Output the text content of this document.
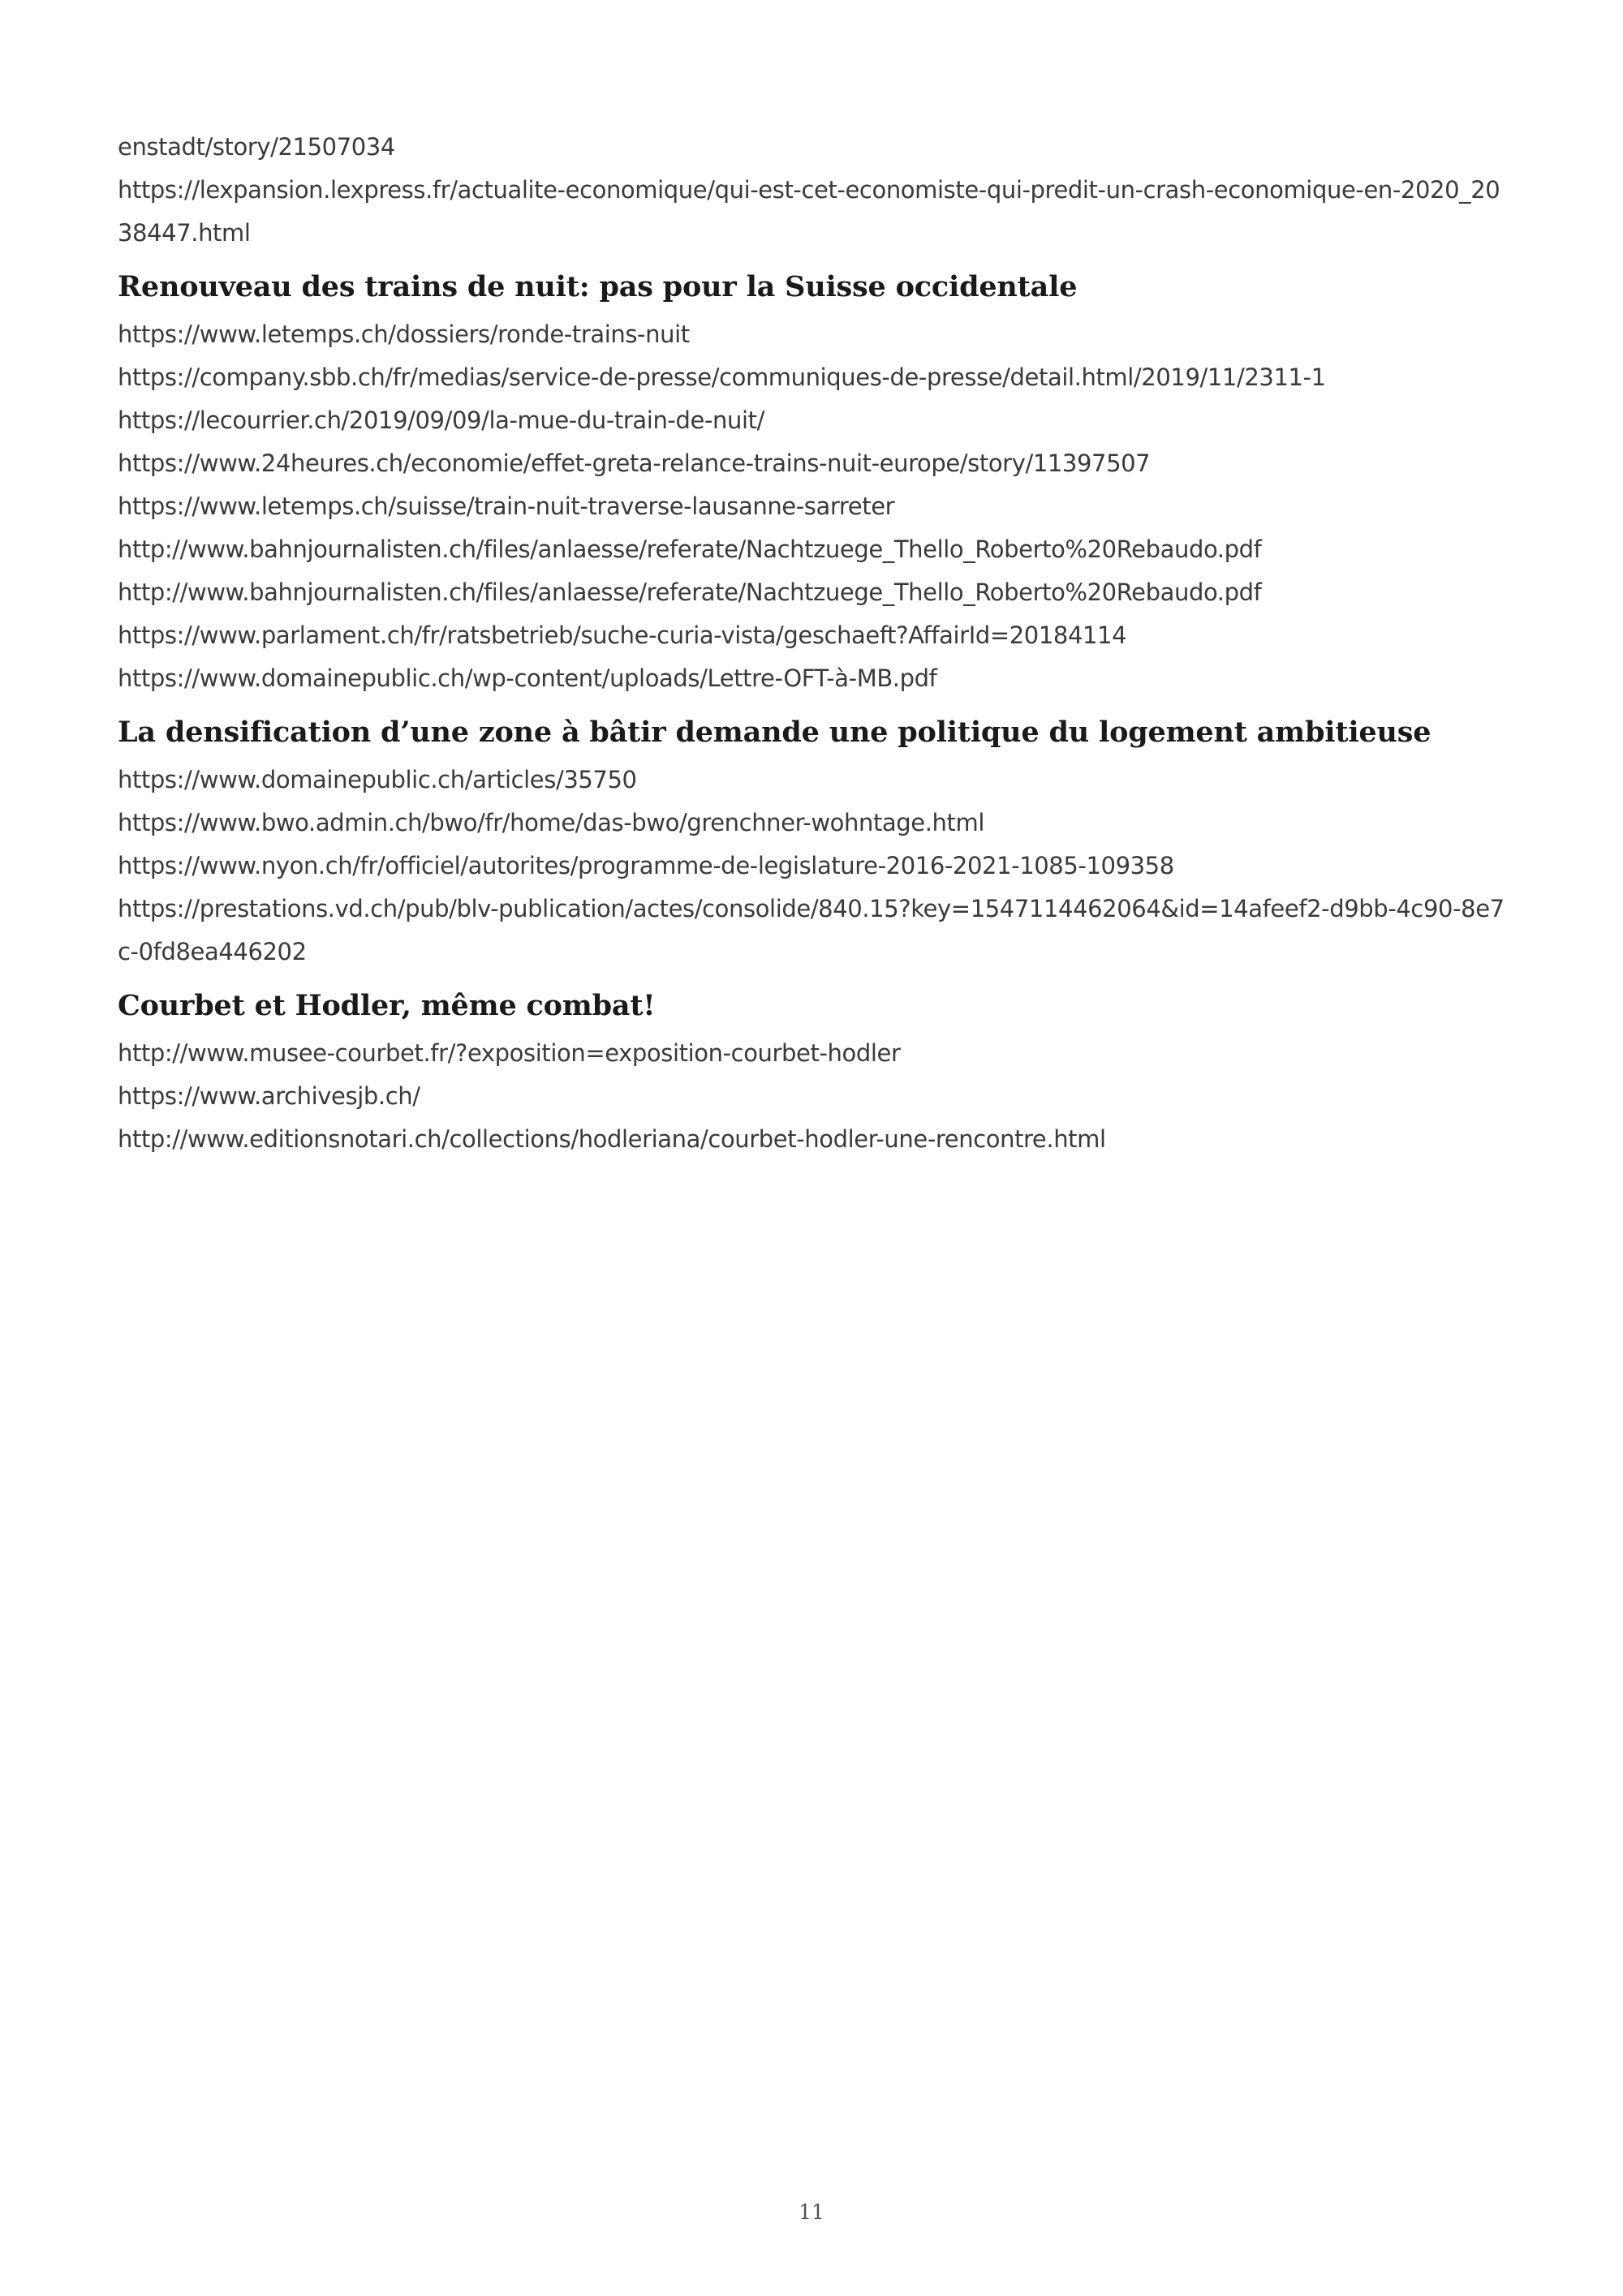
enstadt/story/21507034
https://lexpansion.lexpress.fr/actualite-economique/qui-est-cet-economiste-qui-predit-un-crash-economique-en-2020_2038447.html
Renouveau des trains de nuit: pas pour la Suisse occidentale
https://www.letemps.ch/dossiers/ronde-trains-nuit
https://company.sbb.ch/fr/medias/service-de-presse/communiques-de-presse/detail.html/2019/11/2311-1
https://lecourrier.ch/2019/09/09/la-mue-du-train-de-nuit/
https://www.24heures.ch/economie/effet-greta-relance-trains-nuit-europe/story/11397507
https://www.letemps.ch/suisse/train-nuit-traverse-lausanne-sarreter
http://www.bahnjournalisten.ch/files/anlaesse/referate/Nachtzuege_Thello_Roberto%20Rebaudo.pdf
http://www.bahnjournalisten.ch/files/anlaesse/referate/Nachtzuege_Thello_Roberto%20Rebaudo.pdf
https://www.parlament.ch/fr/ratsbetrieb/suche-curia-vista/geschaeft?AffairId=20184114
https://www.domainepublic.ch/wp-content/uploads/Lettre-OFT-à-MB.pdf
La densification d’une zone à bâtir demande une politique du logement ambitieuse
https://www.domainepublic.ch/articles/35750
https://www.bwo.admin.ch/bwo/fr/home/das-bwo/grenchner-wohntage.html
https://www.nyon.ch/fr/officiel/autorites/programme-de-legislature-2016-2021-1085-109358
https://prestations.vd.ch/pub/blv-publication/actes/consolide/840.15?key=1547114462064&id=14afeef2-d9bb-4c90-8e7c-0fd8ea446202
Courbet et Hodler, même combat!
http://www.musee-courbet.fr/?exposition=exposition-courbet-hodler
https://www.archivesjb.ch/
http://www.editionsnotari.ch/collections/hodleriana/courbet-hodler-une-rencontre.html
11
